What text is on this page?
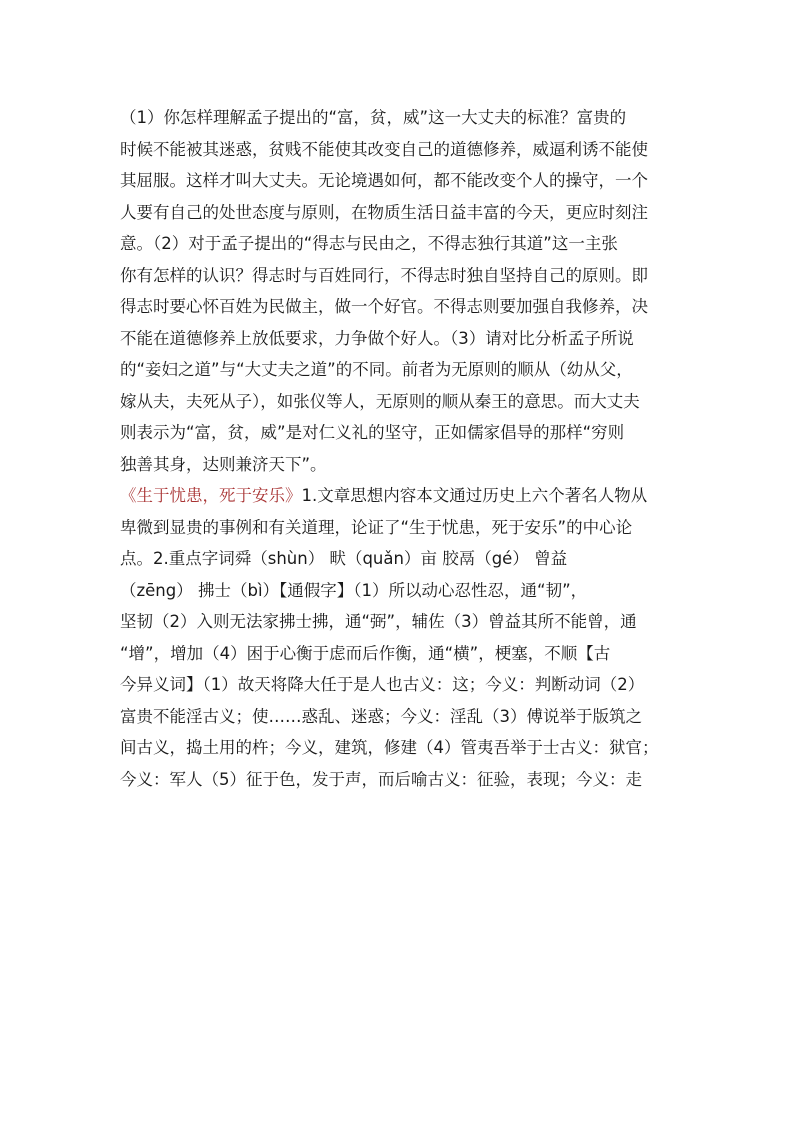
（1）你怎样理解孟子提出的“富，贫，威”这一大丈夫的标准？富贵的
时候不能被其迷惑，贫贱不能使其改变自己的道德修养，威逼利诱不能使
其屈服。这样才叫大丈夫。无论境遇如何，都不能改变个人的操守，一个
人要有自己的处世态度与原则，在物质生活日益丰富的今天，更应时刻注
意。（2）对于孟子提出的“得志与民由之，不得志独行其道”这一主张
你有怎样的认识？得志时与百姓同行，不得志时独自坚持自己的原则。即
得志时要心怀百姓为民做主，做一个好官。不得志则要加强自我修养，决
不能在道德修养上放低要求，力争做个好人。（3）请对比分析孟子所说
的“妾妇之道”与“大丈夫之道”的不同。前者为无原则的顺从（幼从父，
嫁从夫，夫死从子），如张仪等人，无原则的顺从秦王的意思。而大丈夫
则表示为“富，贫，威”是对仁义礼的坚守，正如儒家倡导的那样“穷则
独善其身，达则兼济天下”。
《生于忧患，死于安乐》1.文章思想内容本文通过历史上六个著名人物从
卑微到显贵的事例和有关道理，论证了“生于忧患，死于安乐”的中心论
点。2.重点字词舜（shùn） 畎（quǎn）亩 胶鬲（gé） 曾益
（zēng） 拂士（bì）【通假字】（1）所以动心忍性忍，通“韧”，
坚韧（2）入则无法家拂士拂，通“弼”，辅佐（3）曾益其所不能曾，通
“增”，增加（4）困于心衡于虑而后作衡，通“横”，梗塞，不顺【古
今异义词】（1）故天将降大任于是人也古义：这；今义：判断动词（2）
富贵不能淫古义；使……惑乱、迷惑；今义：淫乱（3）傅说举于版筑之
间古义，捣土用的杵；今义，建筑，修建（4）管夷吾举于士古义：狱官；
今义：军人（5）征于色，发于声，而后喻古义：征验，表现；今义：走
